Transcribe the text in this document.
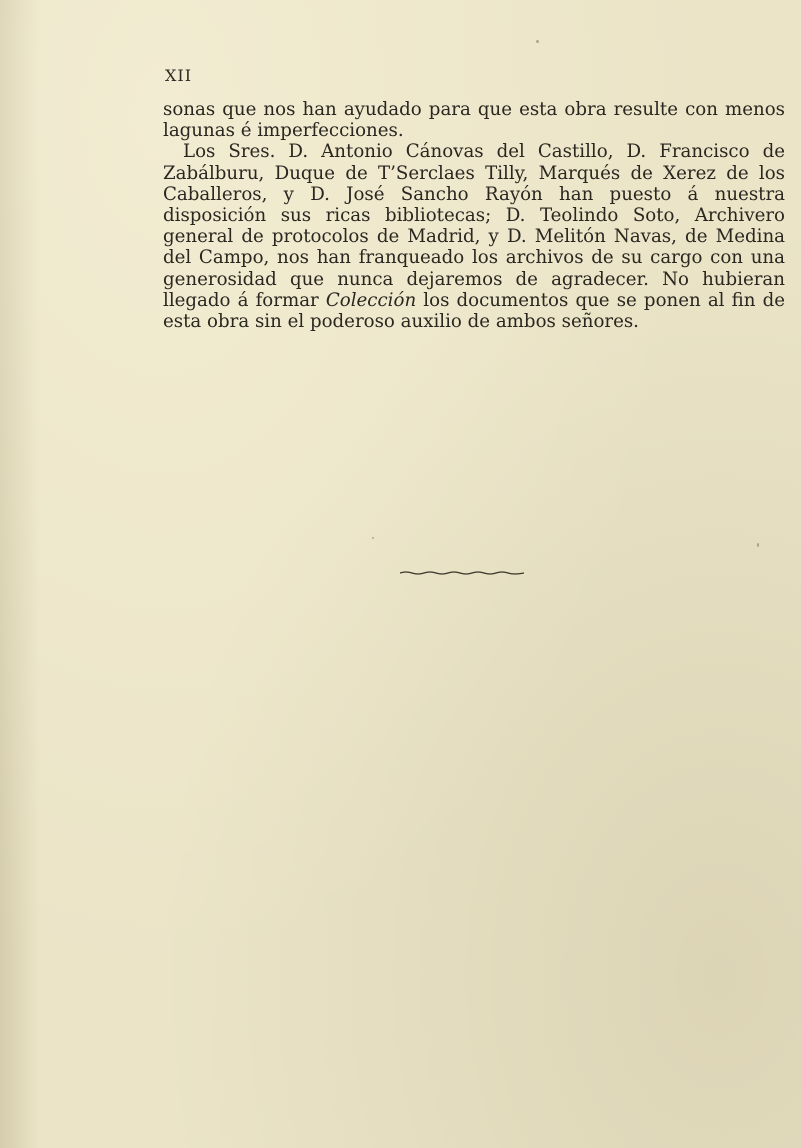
XII

sonas que nos han ayudado para que esta obra resulte con menos lagunas é imperfecciones.

Los Sres. D. Antonio Cánovas del Castillo, D. Francisco de Zabálburu, Duque de T’Serclaes Tilly, Marqués de Xerez de los Caballeros, y D. José Sancho Rayón han puesto á nuestra disposición sus ricas bibliotecas; D. Teolindo Soto, Archivero general de protocolos de Madrid, y D. Melitón Navas, de Medina del Campo, nos han franqueado los archivos de su cargo con una generosidad que nunca dejaremos de agradecer. No hubieran llegado á formar Colección los documentos que se ponen al fin de esta obra sin el poderoso auxilio de ambos señores.
